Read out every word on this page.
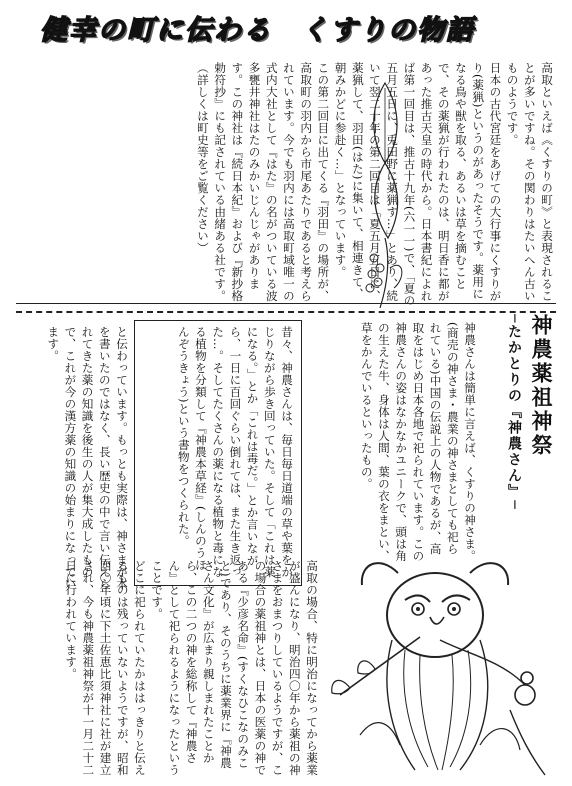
健幸の町に伝わる　くすりの物語

高取といえば《くすりの町》と表現されることが多いですね。その関わりはたいへん古いものようです。

日本の古代宮廷をあげての大行事にくすりがり(薬猟)というのがあったそうです。薬用になる鳥や獣を取る、あるいは草を摘むことで、その薬猟が行われたのは、明日香に都があった推古天皇の時代から。日本書紀によれば第一回目は、推古十九年(六一一)で、「夏の五月五日に、兎田野に薬猟す…」とあり、続いて翌二十年の第二回目は「夏五月五日に、薬猟して、羽田(はた)に集いて、相連きて、朝みかどに参赴く…」となっています。

この第二回目に出てくる『羽田』の場所が、高取町の羽内から市尾あたりであると考えられています。今でも羽内には高取町域唯一の式内大社として『はた』の名がついている波多甕井神社はたのみかいじんじゃがあります。この神社は『続日本紀』および『新抄格勅符抄』にも記されている由緒ある社です。（詳しくは町史等をご覧ください）

神農薬祖神祭
─たかとりの『神農さん』─
神農さんは簡単に言えば、くすりの神さま。(商売の神さま・農業の神さまとしても祀られている)中国の伝説上の人物であるが、高取をはじめ日本各地で祀られています。この神農さんの姿はなかなかユニークで、頭は角の生えた牛、身体は人間、葉の衣をまとい、草をかんでいるといったもの。
昔々、神農さんは、毎日毎日道端の草や葉をかじりながら歩き回っていた。そして「これは薬になる。」とか「これは毒だ。」とか言いながら、一日に百回ぐらい倒れては、また生き返った…。そしてたくさんの薬になる植物と毒になる植物を分類して『神農本草経』(しんのうほんぞうきょう)という書物をつくられた。
と伝わっています。もっとも実際は、神さまが本を書いたのではなく、長い歴史の中で言い伝えられてきた薬の知識を後生の人が集大成したもので、これが今の漢方薬の知識の始まりになっています。

高取の場合、特に明治になってから薬業が盛んになり、明治四〇年から薬祖の神さまをおまつりしているようですが、この場合の薬祖神とは、日本の医薬の神である『少彦名命』(すくなひこなのみこと)であり、そのうちに薬業界に『神農さん文化』が広まり親しまれたことから、この二つの神を総称して『神農さん』として祀られるようになったということです。

どこに祀られていたかははっきりと伝えるものは残っていないようですが、昭和四〇年頃に下土佐恵比須神社に社が建立され、今も神農薬祖神祭が十一月二十二日に行われています。
